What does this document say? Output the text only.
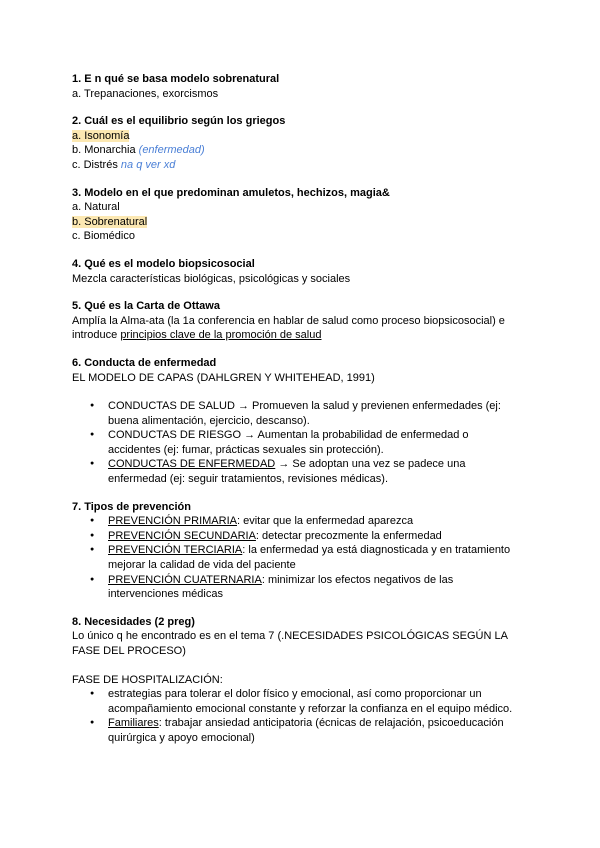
1. E n qué se basa modelo sobrenatural
a. Trepanaciones, exorcismos
2. Cuál es el equilibrio según los griegos
a. Isonomía
b. Monarchia (enfermedad)
c. Distrés na q ver xd
3. Modelo en el que predominan amuletos, hechizos, magia&
a. Natural
b. Sobrenatural
c. Biomédico
4. Qué es el modelo biopsicosocial
Mezcla características biológicas, psicológicas y sociales
5. Qué es la Carta de Ottawa
Amplía la Alma-ata (la 1a conferencia en hablar de salud como proceso biopsicosocial) e
introduce principios clave de la promoción de salud
6. Conducta de enfermedad
EL MODELO DE CAPAS (DAHLGREN Y WHITEHEAD, 1991)
● CONDUCTAS DE SALUD → Promueven la salud y previenen enfermedades (ej:
buena alimentación, ejercicio, descanso).
● CONDUCTAS DE RIESGO → Aumentan la probabilidad de enfermedad o
accidentes (ej: fumar, prácticas sexuales sin protección).
● CONDUCTAS DE ENFERMEDAD → Se adoptan una vez se padece una
enfermedad (ej: seguir tratamientos, revisiones médicas).
7. Tipos de prevención
● PREVENCIÓN PRIMARIA: evitar que la enfermedad aparezca
● PREVENCIÓN SECUNDARIA: detectar precozmente la enfermedad
● PREVENCIÓN TERCIARIA: la enfermedad ya está diagnosticada y en tratamiento
mejorar la calidad de vida del paciente
● PREVENCIÓN CUATERNARIA: minimizar los efectos negativos de las
intervenciones médicas
8. Necesidades (2 preg)
Lo único q he encontrado es en el tema 7 (.NECESIDADES PSICOLÓGICAS SEGÚN LA
FASE DEL PROCESO)
FASE DE HOSPITALIZACIÓN:
● estrategias para tolerar el dolor físico y emocional, así como proporcionar un
acompañamiento emocional constante y reforzar la confianza en el equipo médico.
● Familiares: trabajar ansiedad anticipatoria (écnicas de relajación, psicoeducación
quirúrgica y apoyo emocional)
